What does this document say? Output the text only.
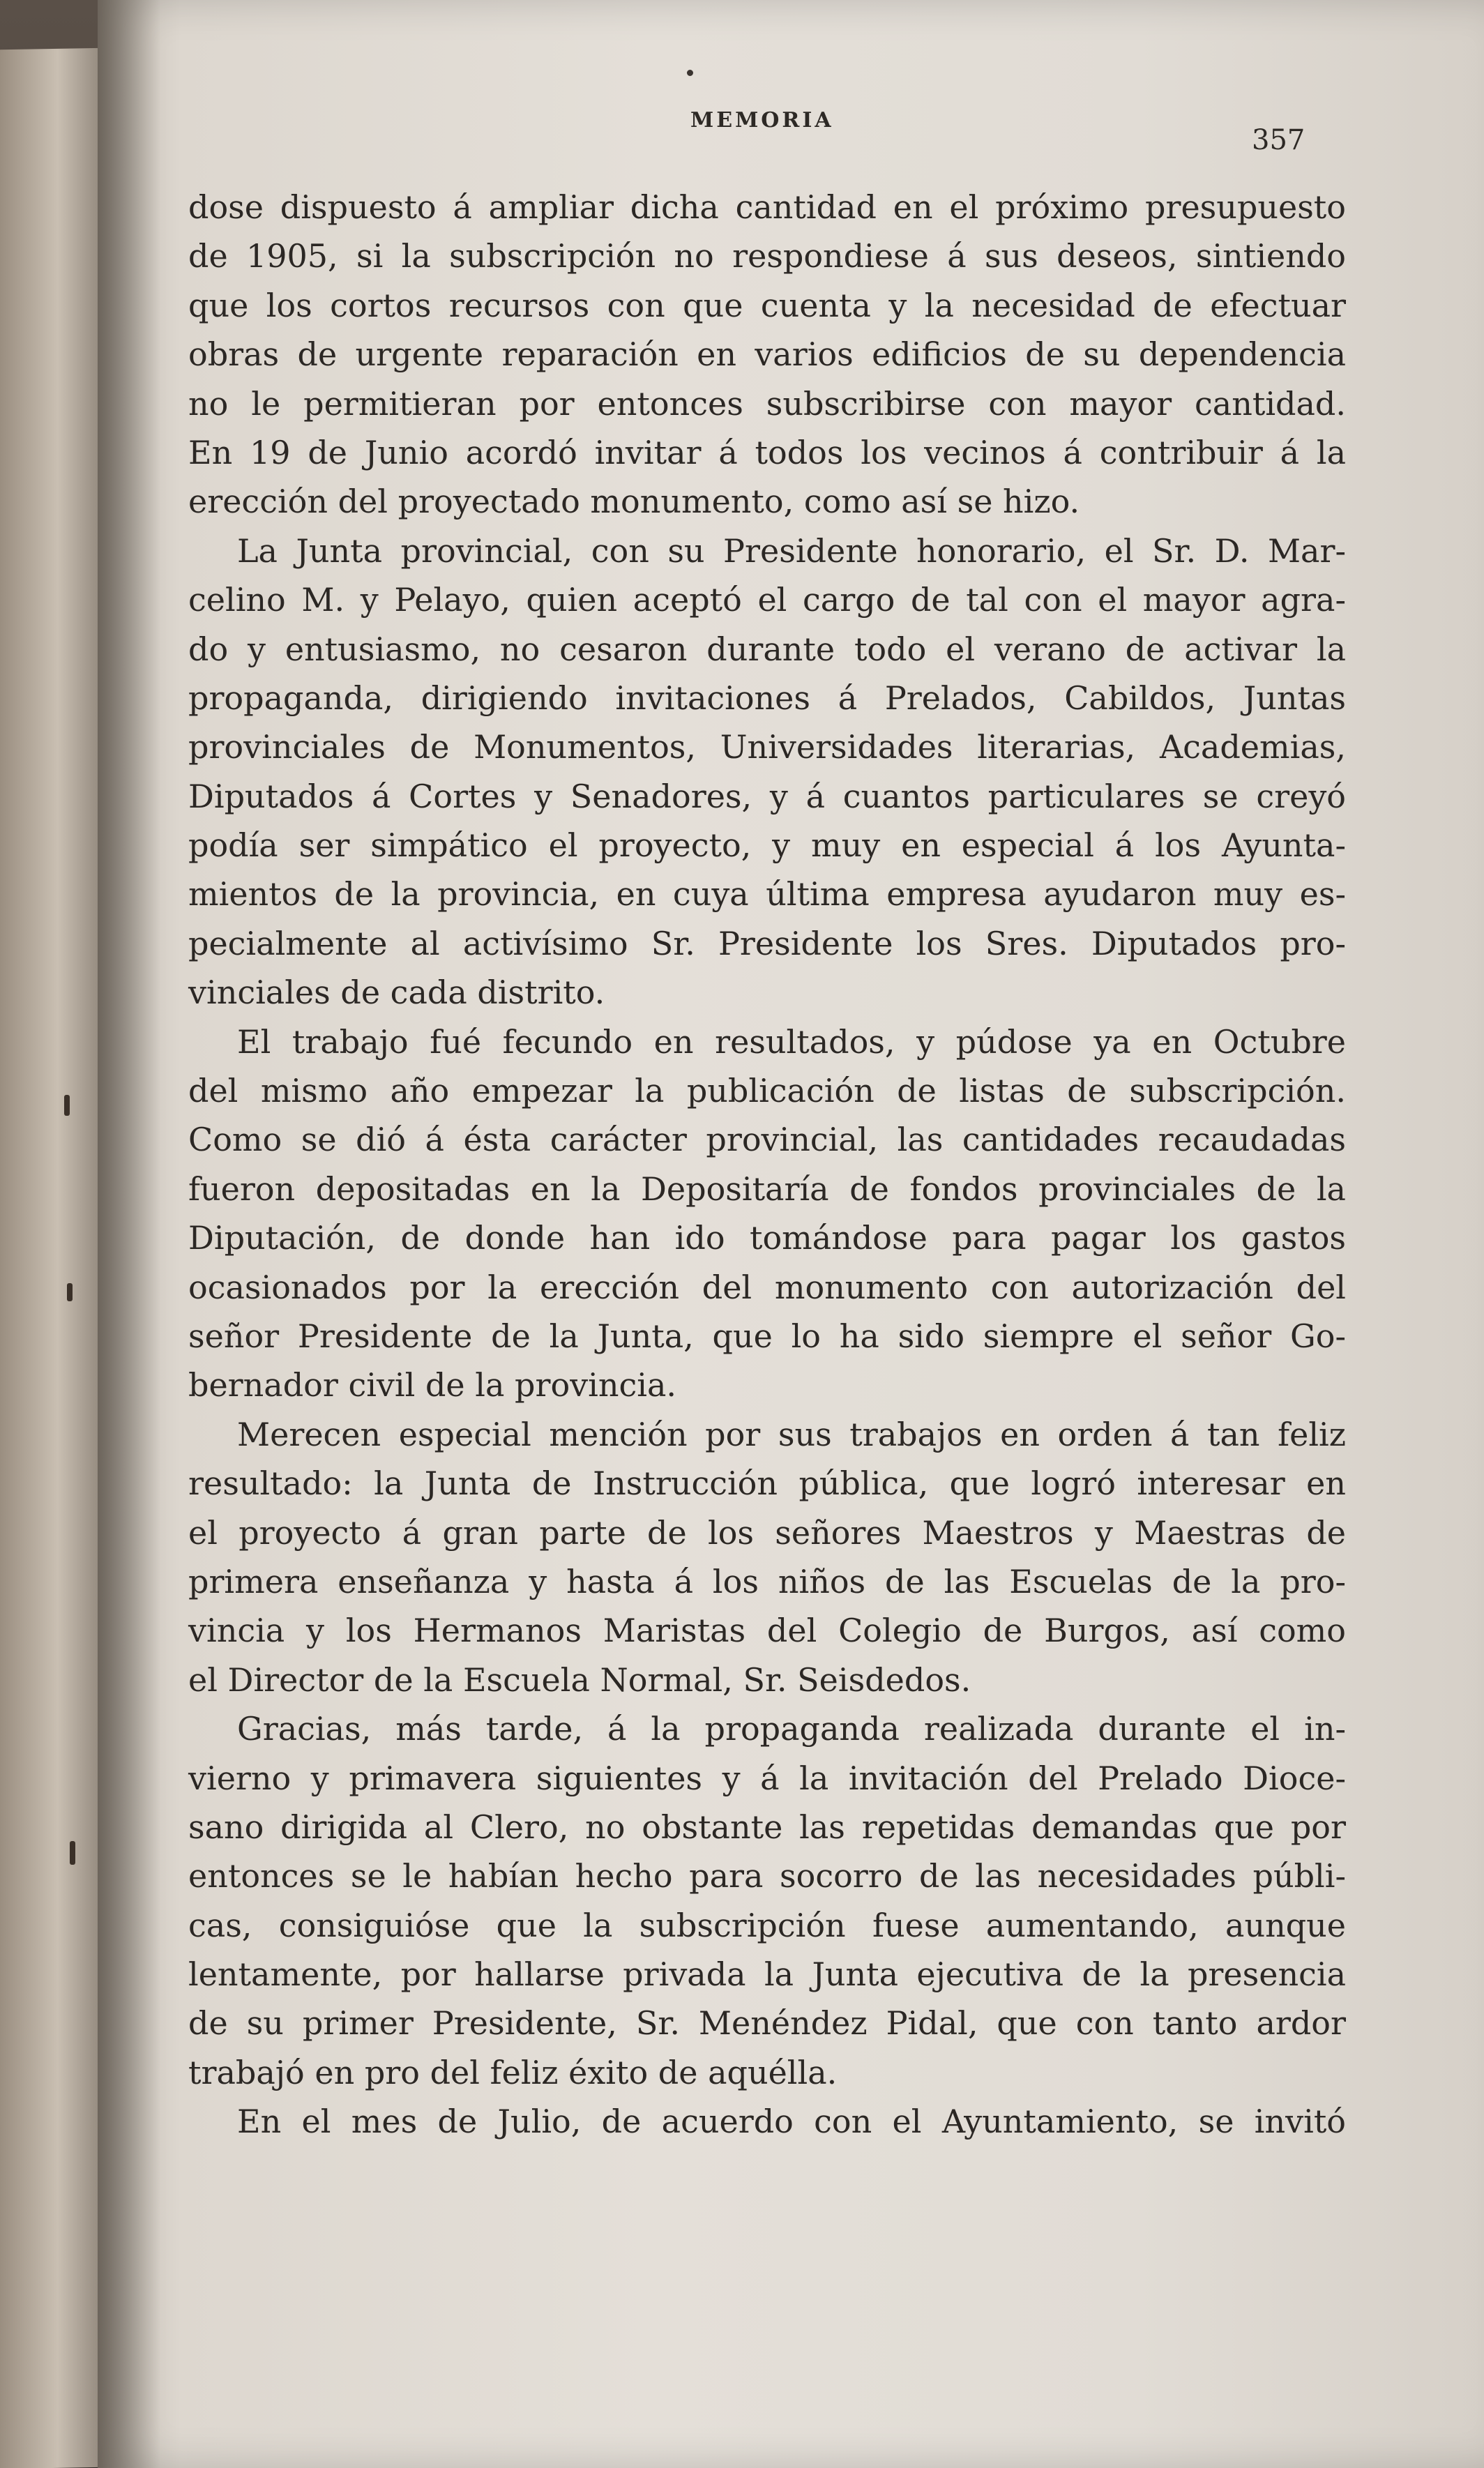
MEMORIA
357
dose dispuesto á ampliar dicha cantidad en el próximo presupuesto
de 1905, si la subscripción no respondiese á sus deseos, sintiendo
que los cortos recursos con que cuenta y la necesidad de efectuar
obras de urgente reparación en varios edificios de su dependencia
no le permitieran por entonces subscribirse con mayor cantidad.
En 19 de Junio acordó invitar á todos los vecinos á contribuir á la
erección del proyectado monumento, como así se hizo.
La Junta provincial, con su Presidente honorario, el Sr. D. Mar-
celino M. y Pelayo, quien aceptó el cargo de tal con el mayor agra-
do y entusiasmo, no cesaron durante todo el verano de activar la
propaganda, dirigiendo invitaciones á Prelados, Cabildos, Juntas
provinciales de Monumentos, Universidades literarias, Academias,
Diputados á Cortes y Senadores, y á cuantos particulares se creyó
podía ser simpático el proyecto, y muy en especial á los Ayunta-
mientos de la provincia, en cuya última empresa ayudaron muy es-
pecialmente al activísimo Sr. Presidente los Sres. Diputados pro-
vinciales de cada distrito.
El trabajo fué fecundo en resultados, y púdose ya en Octubre
del mismo año empezar la publicación de listas de subscripción.
Como se dió á ésta carácter provincial, las cantidades recaudadas
fueron depositadas en la Depositaría de fondos provinciales de la
Diputación, de donde han ido tomándose para pagar los gastos
ocasionados por la erección del monumento con autorización del
señor Presidente de la Junta, que lo ha sido siempre el señor Go-
bernador civil de la provincia.
Merecen especial mención por sus trabajos en orden á tan feliz
resultado: la Junta de Instrucción pública, que logró interesar en
el proyecto á gran parte de los señores Maestros y Maestras de
primera enseñanza y hasta á los niños de las Escuelas de la pro-
vincia y los Hermanos Maristas del Colegio de Burgos, así como
el Director de la Escuela Normal, Sr. Seisdedos.
Gracias, más tarde, á la propaganda realizada durante el in-
vierno y primavera siguientes y á la invitación del Prelado Dioce-
sano dirigida al Clero, no obstante las repetidas demandas que por
entonces se le habían hecho para socorro de las necesidades públi-
cas, consiguióse que la subscripción fuese aumentando, aunque
lentamente, por hallarse privada la Junta ejecutiva de la presencia
de su primer Presidente, Sr. Menéndez Pidal, que con tanto ardor
trabajó en pro del feliz éxito de aquélla.
En el mes de Julio, de acuerdo con el Ayuntamiento, se invitó
